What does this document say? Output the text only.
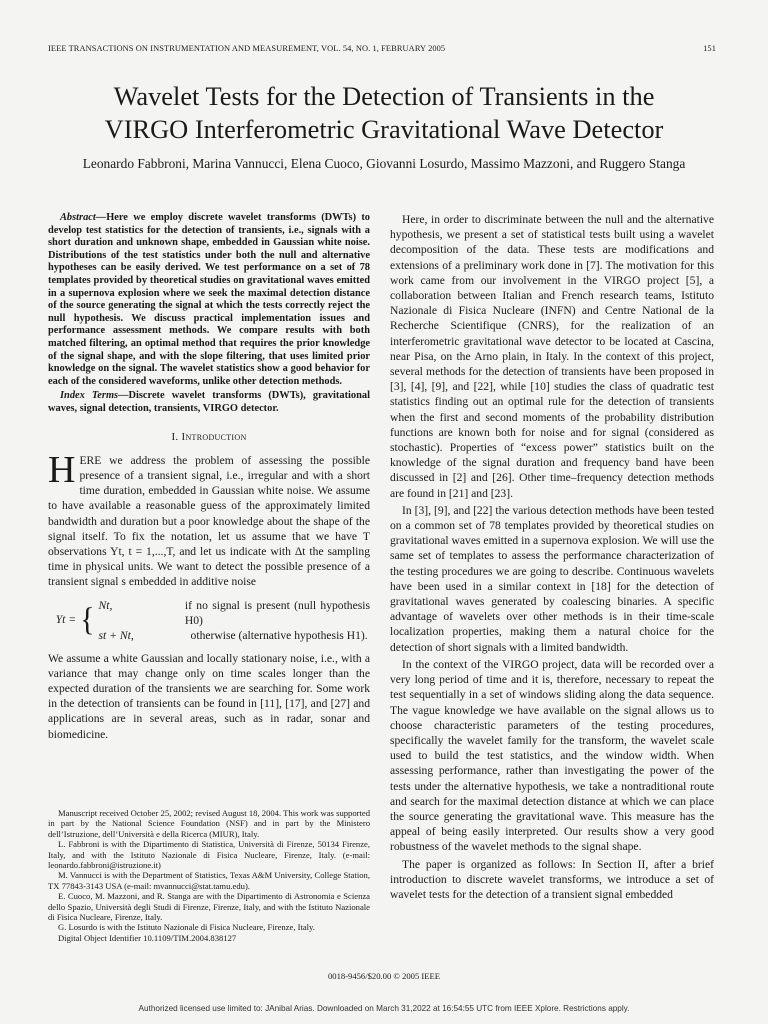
IEEE TRANSACTIONS ON INSTRUMENTATION AND MEASUREMENT, VOL. 54, NO. 1, FEBRUARY 2005	151
Wavelet Tests for the Detection of Transients in the
VIRGO Interferometric Gravitational Wave Detector
Leonardo Fabbroni, Marina Vannucci, Elena Cuoco, Giovanni Losurdo, Massimo Mazzoni, and Ruggero Stanga

Abstract—Here we employ discrete wavelet transforms (DWTs) to develop test statistics for the detection of transients, i.e., signals with a short duration and unknown shape, embedded in Gaussian white noise. Distributions of the test statistics under both the null and alternative hypotheses can be easily derived. We test performance on a set of 78 templates provided by theoretical studies on gravitational waves emitted in a supernova explosion where we seek the maximal detection distance of the source generating the signal at which the tests correctly reject the null hypothesis. We discuss practical implementation issues and performance assessment methods. We compare results with both matched filtering, an optimal method that requires the prior knowledge of the signal shape, and with the slope filtering, that uses limited prior knowledge on the signal. The wavelet statistics show a good behavior for each of the considered waveforms, unlike other detection methods.

Index Terms—Discrete wavelet transforms (DWTs), gravitational waves, signal detection, transients, VIRGO detector.

I. Introduction

HERE we address the problem of assessing the possible presence of a transient signal, i.e., irregular and with a short time duration, embedded in Gaussian white noise. We assume to have available a reasonable guess of the approximately limited bandwidth and duration but a poor knowledge about the shape of the signal itself. To fix the notation, let us assume that we have T observations Yt, t = 1,...,T, and let us indicate with Δt the sampling time in physical units. We want to detect the possible presence of a transient signal s embedded in additive noise

Yt = { Nt,	if no signal is present (null hypothesis H0)
st + Nt,	otherwise (alternative hypothesis H1).

We assume a white Gaussian and locally stationary noise, i.e., with a variance that may change only on time scales longer than the expected duration of the transients we are searching for. Some work in the detection of transients can be found in [11], [17], and [27] and applications are in several areas, such as in radar, sonar and biomedicine.

Manuscript received October 25, 2002; revised August 18, 2004. This work was supported in part by the National Science Foundation (NSF) and in part by the Ministero dell’Istruzione, dell’Università e della Ricerca (MIUR), Italy.

L. Fabbroni is with the Dipartimento di Statistica, Università di Firenze, 50134 Firenze, Italy, and with the Istituto Nazionale di Fisica Nucleare, Firenze, Italy. (e-mail: leonardo.fabbroni@istruzione.it)

M. Vannucci is with the Department of Statistics, Texas A&M University, College Station, TX 77843-3143 USA (e-mail: mvannucci@stat.tamu.edu).

E. Cuoco, M. Mazzoni, and R. Stanga are with the Dipartimento di Astronomia e Scienza dello Spazio, Università degli Studi di Firenze, Firenze, Italy, and with the Istituto Nazionale di Fisica Nucleare, Firenze, Italy.

G. Losurdo is with the Istituto Nazionale di Fisica Nucleare, Firenze, Italy.

Digital Object Identifier 10.1109/TIM.2004.838127

Here, in order to discriminate between the null and the alternative hypothesis, we present a set of statistical tests built using a wavelet decomposition of the data. These tests are modifications and extensions of a preliminary work done in [7]. The motivation for this work came from our involvement in the VIRGO project [5], a collaboration between Italian and French research teams, Istituto Nazionale di Fisica Nucleare (INFN) and Centre National de la Recherche Scientifique (CNRS), for the realization of an interferometric gravitational wave detector to be located at Cascina, near Pisa, on the Arno plain, in Italy. In the context of this project, several methods for the detection of transients have been proposed in [3], [4], [9], and [22], while [10] studies the class of quadratic test statistics finding out an optimal rule for the detection of transients when the first and second moments of the probability distribution functions are known both for noise and for signal (considered as stochastic). Properties of “excess power” statistics built on the knowledge of the signal duration and frequency band have been discussed in [2] and [26]. Other time–frequency detection methods are found in [21] and [23].

In [3], [9], and [22] the various detection methods have been tested on a common set of 78 templates provided by theoretical studies on gravitational waves emitted in a supernova explosion. We will use the same set of templates to assess the performance characterization of the testing procedures we are going to describe. Continuous wavelets have been used in a similar context in [18] for the detection of gravitational waves generated by coalescing binaries. A specific advantage of wavelets over other methods is in their time-scale localization properties, making them a natural choice for the detection of short signals with a limited bandwidth.

In the context of the VIRGO project, data will be recorded over a very long period of time and it is, therefore, necessary to repeat the test sequentially in a set of windows sliding along the data sequence. The vague knowledge we have available on the signal allows us to choose characteristic parameters of the testing procedures, specifically the wavelet family for the transform, the wavelet scale used to build the test statistics, and the window width. When assessing performance, rather than investigating the power of the tests under the alternative hypothesis, we take a nontraditional route and search for the maximal detection distance at which we can place the source generating the gravitational wave. This measure has the appeal of being easily interpreted. Our results show a very good robustness of the wavelet methods to the signal shape.

The paper is organized as follows: In Section II, after a brief introduction to discrete wavelet transforms, we introduce a set of wavelet tests for the detection of a transient signal embedded

0018-9456/$20.00 © 2005 IEEE
Authorized licensed use limited to: JAnibal Arias. Downloaded on March 31,2022 at 16:54:55 UTC from IEEE Xplore. Restrictions apply.
